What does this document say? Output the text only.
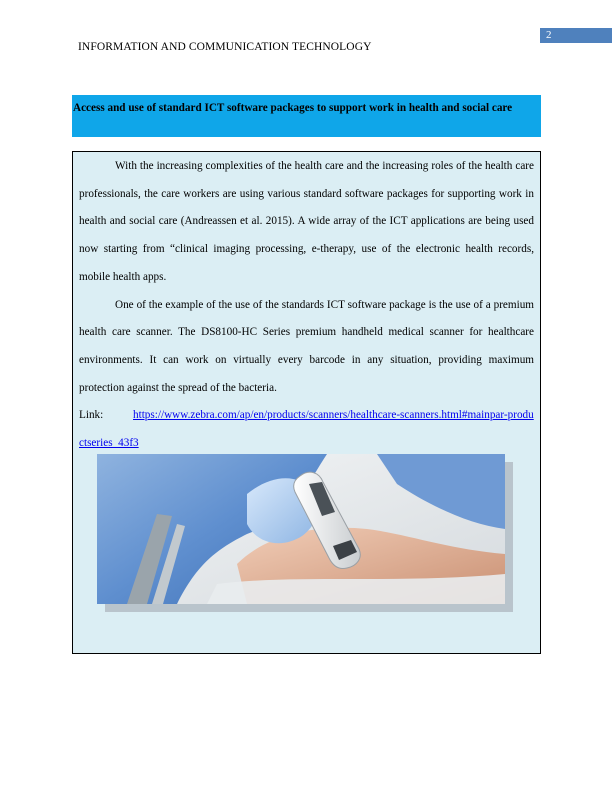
2
INFORMATION AND COMMUNICATION TECHNOLOGY
Access and use of standard ICT software packages to support work in health and social care

With the increasing complexities of the health care and the increasing roles of the health care professionals, the care workers are using various standard software packages for supporting work in health and social care (Andreassen et al. 2015). A wide array of the ICT applications are being used now starting from “clinical imaging processing, e-therapy, use of the electronic health records, mobile health apps.

One of the example of the use of the standards ICT software package is the use of a premium health care scanner. The DS8100-HC Series premium handheld medical scanner for healthcare environments. It can work on virtually every barcode in any situation, providing maximum protection against the spread of the bacteria.

Link:	https://www.zebra.com/ap/en/products/scanners/healthcare-scanners.html#mainpar-productseries_43f3
